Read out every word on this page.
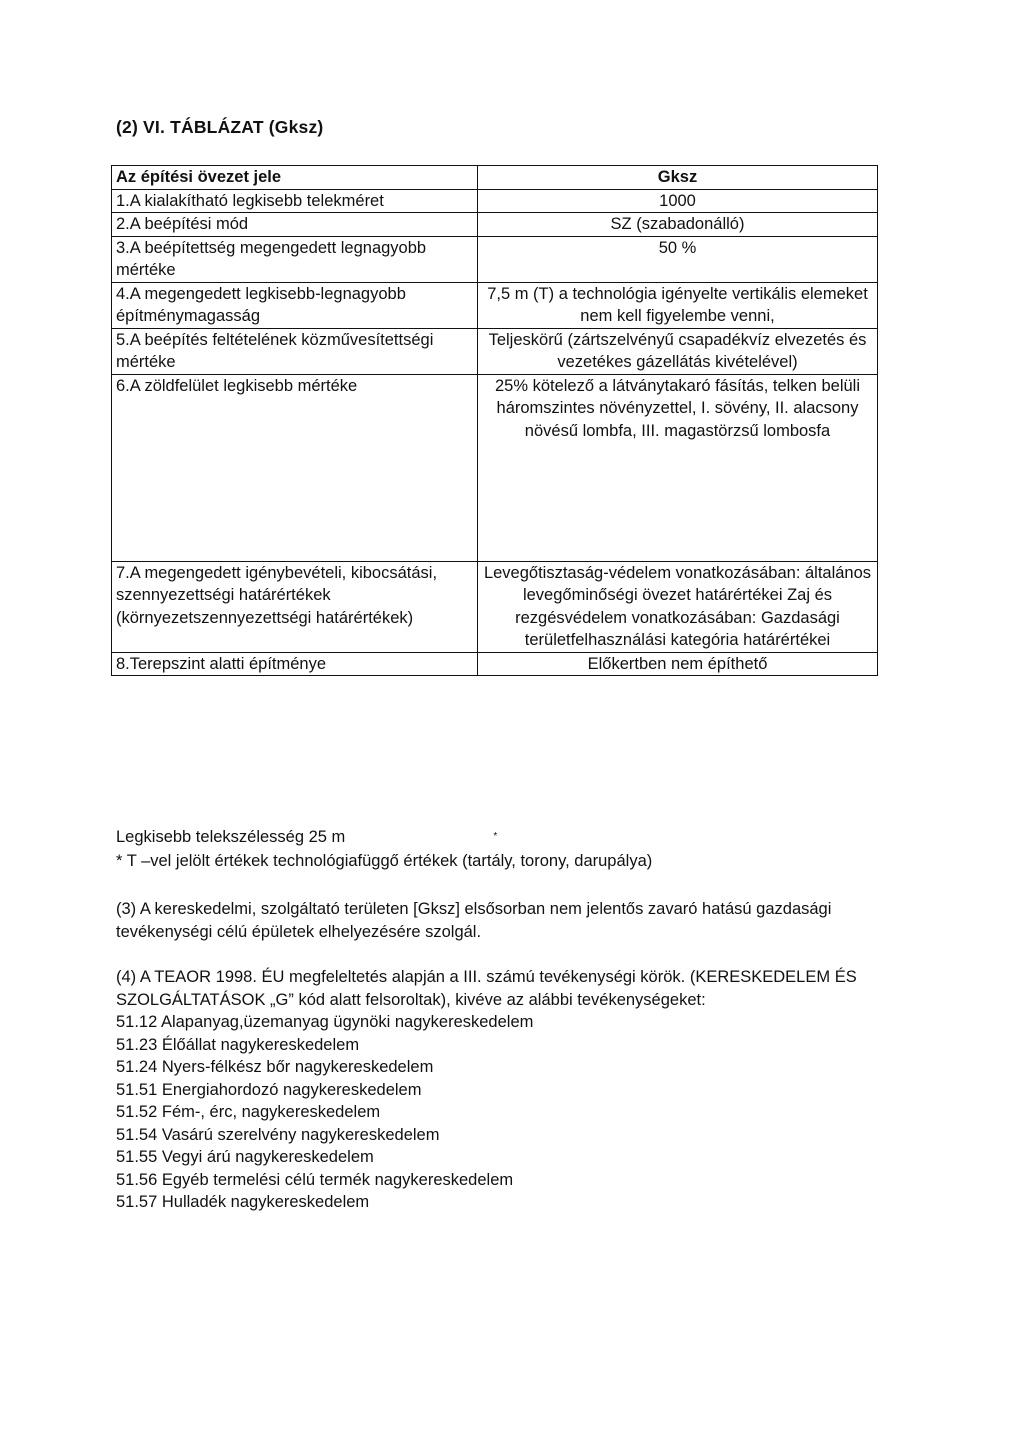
(2) VI. TÁBLÁZAT (Gksz)
Az építési övezet jele	Gksz
1.A kialakítható legkisebb telekméret	1000
2.A beépítési mód	SZ (szabadonálló)
3.A beépítettség megengedett legnagyobb mértéke	50 %
4.A megengedett legkisebb-legnagyobb építménymagasság	7,5 m (T) a technológia igényelte vertikális elemeket nem kell figyelembe venni,
5.A beépítés feltételének közművesítettségi mértéke	Teljeskörű (zártszelvényű csapadékvíz elvezetés és vezetékes gázellátás kivételével)
6.A zöldfelület legkisebb mértéke	25% kötelező a látványtakaró fásítás, telken belüli háromszintes növényzettel, I. sövény, II. alacsony növésű lombfa, III. magastörzsű lombosfa
7.A megengedett igénybevételi, kibocsátási, szennyezettségi határértékek (környezetszennyezettségi határértékek)	Levegőtisztaság-védelem vonatkozásában: általános levegőminőségi övezet határértékei Zaj és rezgésvédelem vonatkozásában: Gazdasági területfelhasználási kategória határértékei
8.Terepszint alatti építménye	Előkertben nem építhető
Legkisebb telekszélesség 25 m	*
* T –vel jelölt értékek technológiafüggő értékek (tartály, torony, darupálya)
(3) A kereskedelmi, szolgáltató területen [Gksz] elsősorban nem jelentős zavaró hatású gazdasági tevékenységi célú épületek elhelyezésére szolgál.
(4) A TEAOR 1998. ÉU megfeleltetés alapján a III. számú tevékenységi körök. (KERESKEDELEM ÉS SZOLGÁLTATÁSOK „G” kód alatt felsoroltak), kivéve az alábbi tevékenységeket:
51.12 Alapanyag,üzemanyag ügynöki nagykereskedelem
51.23 Élőállat nagykereskedelem
51.24 Nyers-félkész bőr nagykereskedelem
51.51 Energiahordozó nagykereskedelem
51.52 Fém-, érc, nagykereskedelem
51.54 Vasárú szerelvény nagykereskedelem
51.55 Vegyi árú nagykereskedelem
51.56 Egyéb termelési célú termék nagykereskedelem
51.57 Hulladék nagykereskedelem
